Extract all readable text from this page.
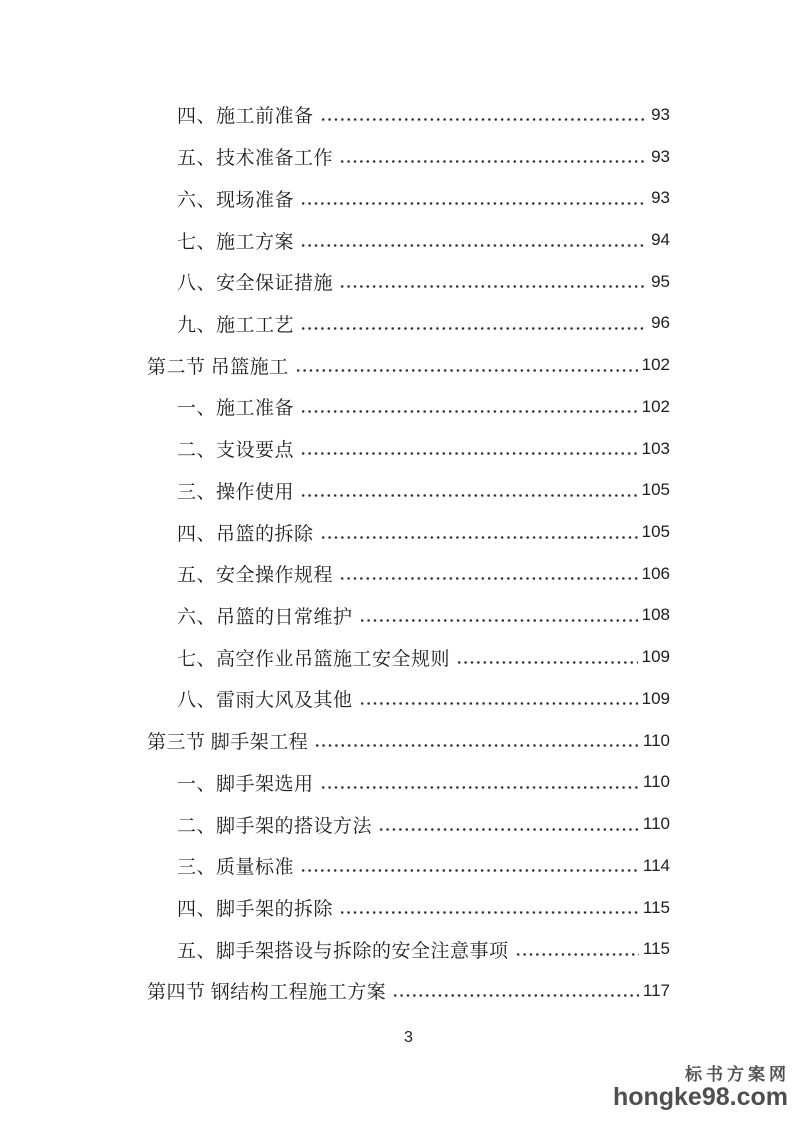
四、施工前准备	93
五、技术准备工作	93
六、现场准备	93
七、施工方案	94
八、安全保证措施	95
九、施工工艺	96
第二节 吊篮施工	102
一、施工准备	102
二、支设要点	103
三、操作使用	105
四、吊篮的拆除	105
五、安全操作规程	106
六、吊篮的日常维护	108
七、高空作业吊篮施工安全规则	109
八、雷雨大风及其他	109
第三节 脚手架工程	110
一、脚手架选用	110
二、脚手架的搭设方法	110
三、质量标准	114
四、脚手架的拆除	115
五、脚手架搭设与拆除的安全注意事项	115
第四节 钢结构工程施工方案	117
3
标书方案网
hongke98.com
